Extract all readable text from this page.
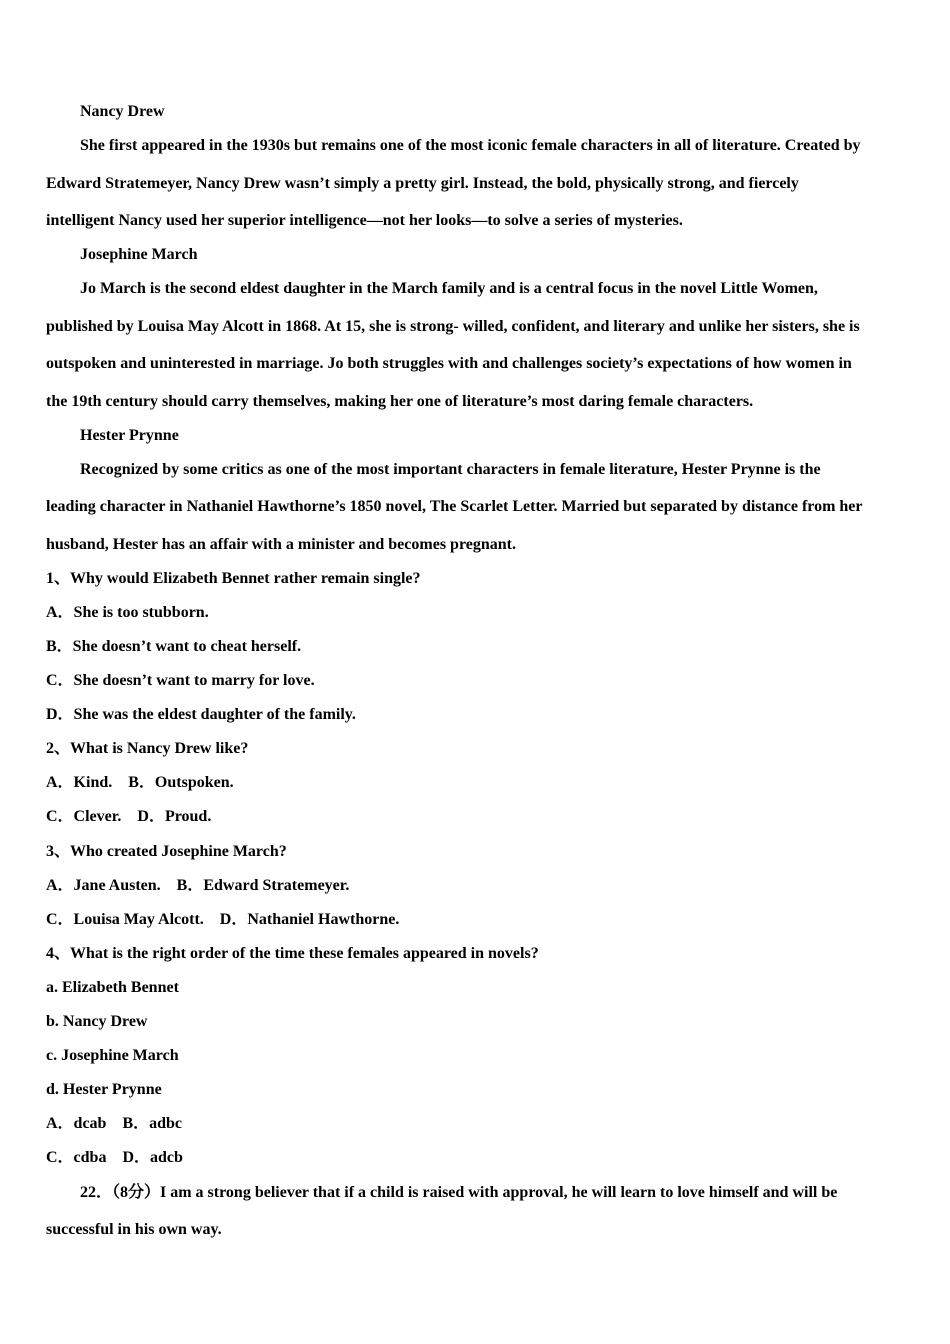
Nancy Drew
She first appeared in the 1930s but remains one of the most iconic female characters in all of literature. Created by
Edward Stratemeyer, Nancy Drew wasn’t simply a pretty girl. Instead, the bold, physically strong, and fiercely
intelligent Nancy used her superior intelligence—not her looks—to solve a series of mysteries.
Josephine March
Jo March is the second eldest daughter in the March family and is a central focus in the novel Little Women,
published by Louisa May Alcott in 1868. At 15, she is strong- willed, confident, and literary and unlike her sisters, she is
outspoken and uninterested in marriage. Jo both struggles with and challenges society’s expectations of how women in
the 19th century should carry themselves, making her one of literature’s most daring female characters.
Hester Prynne
Recognized by some critics as one of the most important characters in female literature, Hester Prynne is the
leading character in Nathaniel Hawthorne’s 1850 novel, The Scarlet Letter. Married but separated by distance from her
husband, Hester has an affair with a minister and becomes pregnant.
1、Why would Elizabeth Bennet rather remain single?
A．She is too stubborn.
B．She doesn’t want to cheat herself.
C．She doesn’t want to marry for love.
D．She was the eldest daughter of the family.
2、What is Nancy Drew like?
A．Kind.    B．Outspoken.
C．Clever.    D．Proud.
3、Who created Josephine March?
A．Jane Austen.    B．Edward Stratemeyer.
C．Louisa May Alcott.    D．Nathaniel Hawthorne.
4、What is the right order of the time these females appeared in novels?
a. Elizabeth Bennet
b. Nancy Drew
c. Josephine March
d. Hester Prynne
A．dcab    B．adbc
C．cdba    D．adcb
22．（8分）I am a strong believer that if a child is raised with approval, he will learn to love himself and will be
successful in his own way.
